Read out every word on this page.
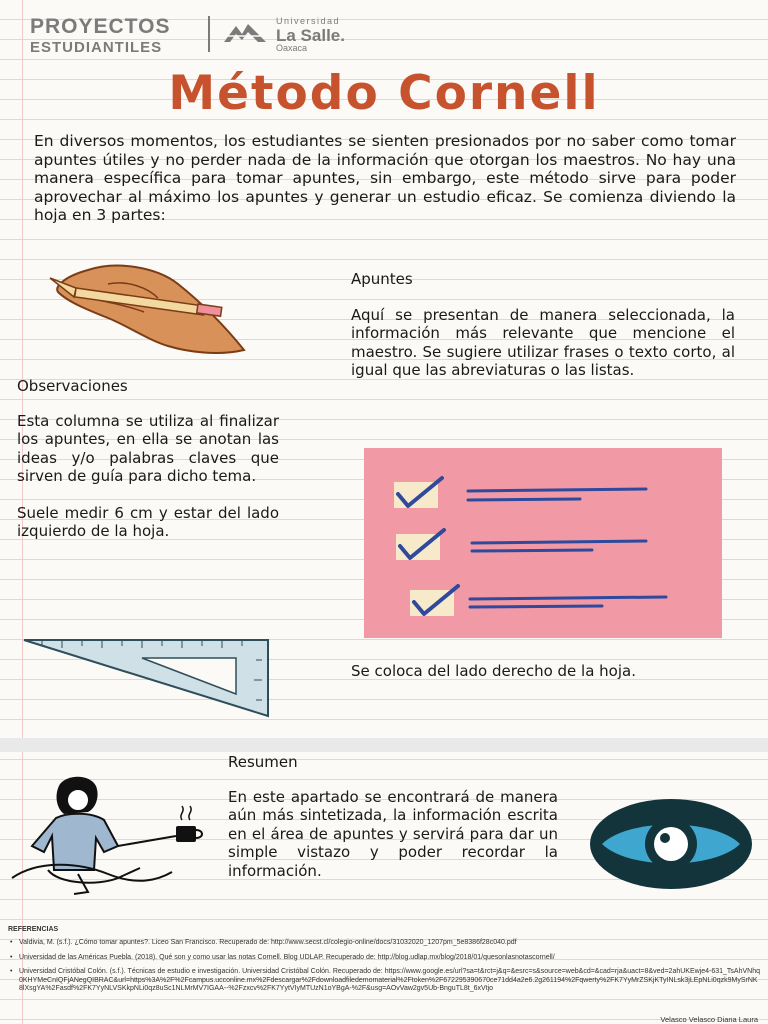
PROYECTOS
ESTUDIANTILES
Universidad
La Salle.
Oaxaca
Método Cornell
En diversos momentos, los estudiantes se sienten presionados por no saber como tomar apuntes útiles y no perder nada de la información que otorgan los maestros. No hay una manera específica para tomar apuntes, sin embargo, este método sirve para poder aprovechar al máximo los apuntes y generar un estudio eficaz. Se comienza diviendo la hoja en 3 partes:
Apuntes
Aquí se presentan de manera seleccionada, la información más relevante que mencione el maestro. Se sugiere utilizar frases o texto corto, al igual que las abreviaturas o las listas.
Observaciones
Esta columna se utiliza al finalizar los apuntes, en ella se anotan las ideas y/o palabras claves que sirven de guía para dicho tema.
Suele medir 6 cm y estar del lado izquierdo de la hoja.
Se coloca del lado derecho de la hoja.
Resumen
En este apartado se encontrará de manera aún más sintetizada, la información escrita en el área de apuntes y servirá para dar un simple vistazo y poder recordar la información.
REFERENCIAS
• Valdivia, M. (s.f.). ¿Cómo tomar apuntes?. Liceo San Francisco. Recuperado de: http://www.secst.cl/colegio-online/docs/31032020_1207pm_5e8386f28c040.pdf
• Universidad de las Américas Puebla. (2018). Qué son y como usar las notas Cornell. Blog UDLAP. Recuperado de: http://blog.udlap.mx/blog/2018/01/quesonlasnotascornell/
• Universidad Cristóbal Colón. (s.f.). Técnicas de estudio e investigación. Universidad Cristóbal Colón. Recuperado de: https://www.google.es/url?sa=t&rct=j&q=&esrc=s&source=web&cd=&cad=rja&uact=8&ved=2ahUKEwje4-631_TsAhVNhq0KHYMeCnIQFjANegQIBRAC&url=https%3A%2F%2Fcampus.ucconline.mx%2Fdescargar%2Fdownloadfiledemomaterial%2Ftoken%2F672295390670ce71dd4a2e6.2g261194%2Fqwerty%2FK7YyMrZSKjKTyINLsk3jLEpNLi0qzk9MySrNK8lXsgYA%2Fasdf%2FK7YyNLVSKkpNLi0qz8uSc1NLMrMV7IGAA--%2Fzxcv%2FK7YytVIyMTUzN1oYBgA-%2F&usg=AOvVaw2gv5Ub-BnguTL8t_6xVtjo
Velasco Velasco Diana Laura
